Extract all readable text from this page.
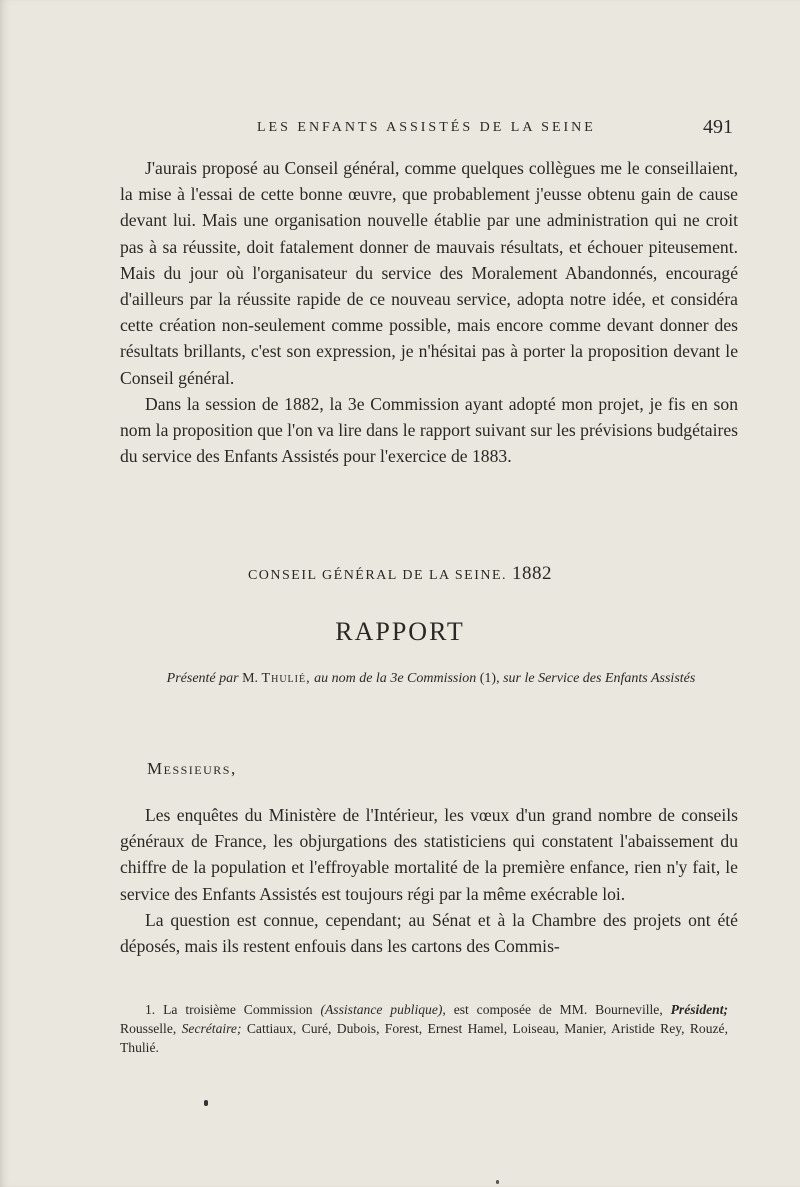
LES ENFANTS ASSISTÉS DE LA SEINE	491

J'aurais proposé au Conseil général, comme quelques collègues me le conseillaient, la mise à l'essai de cette bonne œuvre, que probablement j'eusse obtenu gain de cause devant lui. Mais une organisation nouvelle établie par une administration qui ne croit pas à sa réussite, doit fatalement donner de mauvais résultats, et échouer piteusement. Mais du jour où l'organisateur du service des Moralement Abandonnés, encouragé d'ailleurs par la réussite rapide de ce nouveau service, adopta notre idée, et considéra cette création non-seulement comme possible, mais encore comme devant donner des résultats brillants, c'est son expression, je n'hésitai pas à porter la proposition devant le Conseil général.

Dans la session de 1882, la 3e Commission ayant adopté mon projet, je fis en son nom la proposition que l'on va lire dans le rapport suivant sur les prévisions budgétaires du service des Enfants Assistés pour l'exercice de 1883.

CONSEIL GÉNÉRAL DE LA SEINE. 1882
RAPPORT
Présenté par M. Thulié, au nom de la 3e Commission (1), sur le Service des Enfants Assistés
Messieurs,

Les enquêtes du Ministère de l'Intérieur, les vœux d'un grand nombre de conseils généraux de France, les objurgations des statisticiens qui constatent l'abaissement du chiffre de la population et l'effroyable mortalité de la première enfance, rien n'y fait, le service des Enfants Assistés est toujours régi par la même exécrable loi.

La question est connue, cependant; au Sénat et à la Chambre des projets ont été déposés, mais ils restent enfouis dans les cartons des Commis-

1. La troisième Commission (Assistance publique), est composée de MM. Bourneville, Président; Rousselle, Secrétaire; Cattiaux, Curé, Dubois, Forest, Ernest Hamel, Loiseau, Manier, Aristide Rey, Rouzé, Thulié.
